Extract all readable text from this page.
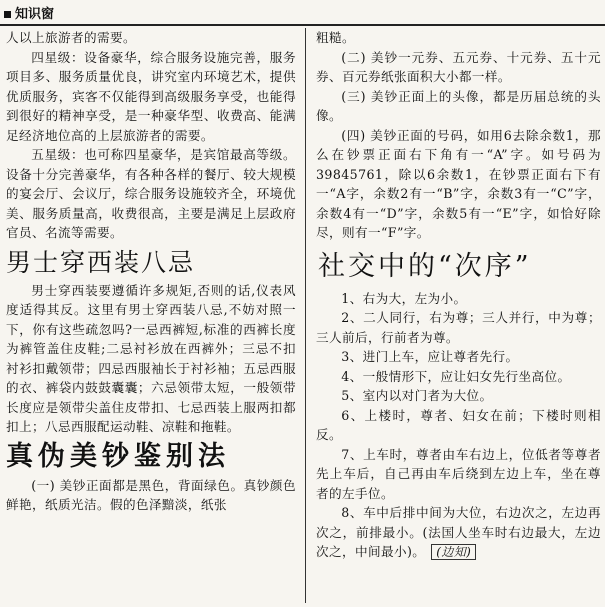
知识窗

人以上旅游者的需要。

四星级：设备豪华，综合服务设施完善，服务项目多、服务质量优良，讲究室内环境艺术，提供优质服务，宾客不仅能得到高级服务享受，也能得到很好的精神享受，是一种豪华型、收费高、能满足经济地位高的上层旅游者的需要。

五星级：也可称四星豪华，是宾馆最高等级。设备十分完善豪华，有各种各样的餐厅、较大规模的宴会厅、会议厅，综合服务设施较齐全，环境优美、服务质量高，收费很高，主要是满足上层政府官员、名流等需要。

男士穿西装八忌

男士穿西装要遵循许多规矩,否则的话,仪表风度适得其反。这里有男士穿西装八忌,不妨对照一下，你有这些疏忽吗?一忌西裤短,标准的西裤长度为裤管盖住皮鞋;二忌衬衫放在西裤外；三忌不扣衬衫扣戴领带；四忌西服袖长于衬衫袖；五忌西服的衣、裤袋内鼓鼓囊囊；六忌领带太短，一般领带长度应是领带尖盖住皮带扣、七忌西装上服两扣都扣上；八忌西服配运动鞋、凉鞋和拖鞋。

真伪美钞鉴别法

(一) 美钞正面都是黑色，背面绿色。真钞颜色鲜艳，纸质光洁。假的色泽黯淡，纸张

粗糙。

(二) 美钞一元券、五元券、十元券、五十元券、百元券纸张面积大小都一样。

(三) 美钞正面上的头像，都是历届总统的头像。

(四) 美钞正面的号码，如用6去除余数1，那么在钞票正面右下角有一“A”字。如号码为39845761，除以6余数1，在钞票正面右下有一“A字，余数2有一“B”字，余数3有一“C”字，余数4有一“D”字，余数5有一“E”字，如恰好除尽，则有一“F”字。

社交中的“次序”

1、右为大，左为小。

2、二人同行，右为尊；三人并行，中为尊；三人前后，行前者为尊。

3、进门上车，应让尊者先行。

4、一般情形下，应让妇女先行坐高位。

5、室内以对门者为大位。

6、上楼时，尊者、妇女在前；下楼时则相反。

7、上车时，尊者由车右边上，位低者等尊者先上车后，自己再由车后绕到左边上车，坐在尊者的左手位。

8、车中后排中间为大位，右边次之，左边再次之，前排最小。(法国人坐车时右边最大，左边次之，中间最小)。 (边知)
